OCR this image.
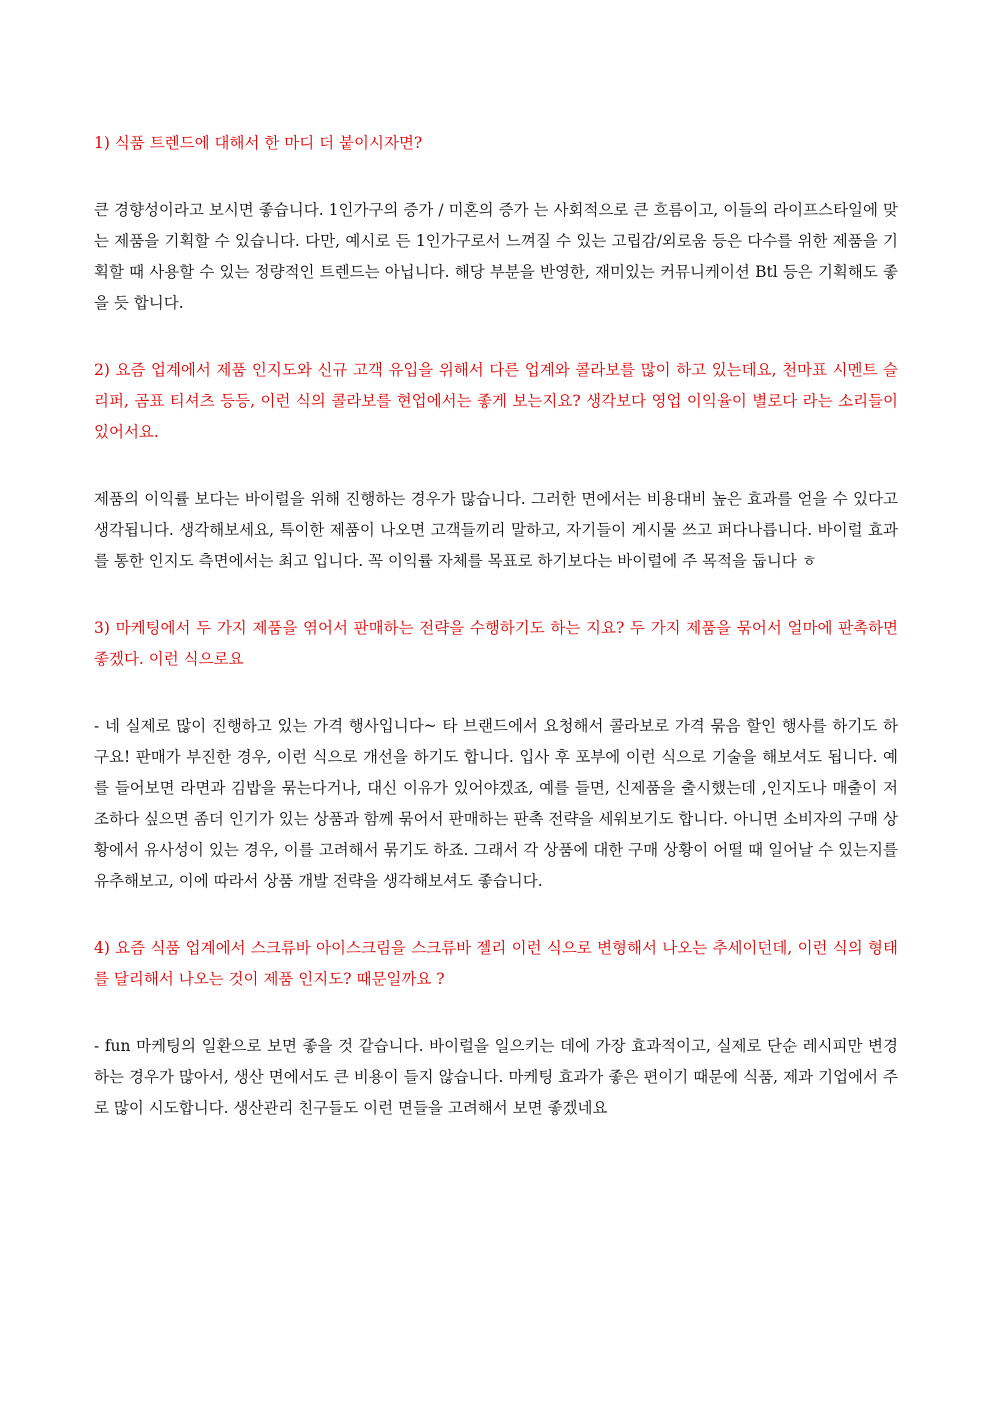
1) 식품 트렌드에 대해서 한 마디 더 붙이시자면?

큰 경향성이라고 보시면 좋습니다. 1인가구의 증가 / 미혼의 증가 는 사회적으로 큰 흐름이고, 이들의 라이프스타일에 맞는 제품을 기획할 수 있습니다. 다만, 예시로 든 1인가구로서 느껴질 수 있는 고립감/외로움 등은 다수를 위한 제품을 기획할 때 사용할 수 있는 정량적인 트렌드는 아닙니다. 해당 부분을 반영한, 재미있는 커뮤니케이션 Btl 등은 기획해도 좋을 듯 합니다.

2) 요즘 업계에서 제품 인지도와 신규 고객 유입을 위해서 다른 업계와 콜라보를 많이 하고 있는데요, 천마표 시멘트 슬리퍼, 곰표 티셔츠 등등, 이런 식의 콜라보를 현업에서는 좋게 보는지요? 생각보다 영업 이익율이 별로다 라는 소리들이 있어서요.

제품의 이익률 보다는 바이럴을 위해 진행하는 경우가 많습니다. 그러한 면에서는 비용대비 높은 효과를 얻을 수 있다고 생각됩니다. 생각해보세요, 특이한 제품이 나오면 고객들끼리 말하고, 자기들이 게시물 쓰고 퍼다나릅니다. 바이럴 효과를 통한 인지도 측면에서는 최고 입니다. 꼭 이익률 자체를 목표로 하기보다는 바이럴에 주 목적을 둡니다 ㅎ

3) 마케팅에서 두 가지 제품을 엮어서 판매하는 전략을 수행하기도 하는 지요? 두 가지 제품을 묶어서 얼마에 판촉하면 좋겠다. 이런 식으로요

- 네 실제로 많이 진행하고 있는 가격 행사입니다~ 타 브랜드에서 요청해서 콜라보로 가격 묶음 할인 행사를 하기도 하구요! 판매가 부진한 경우, 이런 식으로 개선을 하기도 합니다. 입사 후 포부에 이런 식으로 기술을 해보셔도 됩니다. 예를 들어보면 라면과 김밥을 묶는다거나, 대신 이유가 있어야겠죠, 예를 들면, 신제품을 출시했는데 ,인지도나 매출이 저조하다 싶으면 좀더 인기가 있는 상품과 함께 묶어서 판매하는 판촉 전략을 세워보기도 합니다. 아니면 소비자의 구매 상황에서 유사성이 있는 경우, 이를 고려해서 묶기도 하죠. 그래서 각 상품에 대한 구매 상황이 어떨 때 일어날 수 있는지를 유추해보고, 이에 따라서 상품 개발 전략을 생각해보셔도 좋습니다.

4) 요즘 식품 업계에서 스크류바 아이스크림을 스크류바 젤리 이런 식으로 변형해서 나오는 추세이던데, 이런 식의 형태를 달리해서 나오는 것이 제품 인지도? 때문일까요 ?

- fun 마케팅의 일환으로 보면 좋을 것 같습니다. 바이럴을 일으키는 데에 가장 효과적이고, 실제로 단순 레시피만 변경하는 경우가 많아서, 생산 면에서도 큰 비용이 들지 않습니다. 마케팅 효과가 좋은 편이기 때문에 식품, 제과 기업에서 주로 많이 시도합니다. 생산관리 친구들도 이런 면들을 고려해서 보면 좋겠네요
